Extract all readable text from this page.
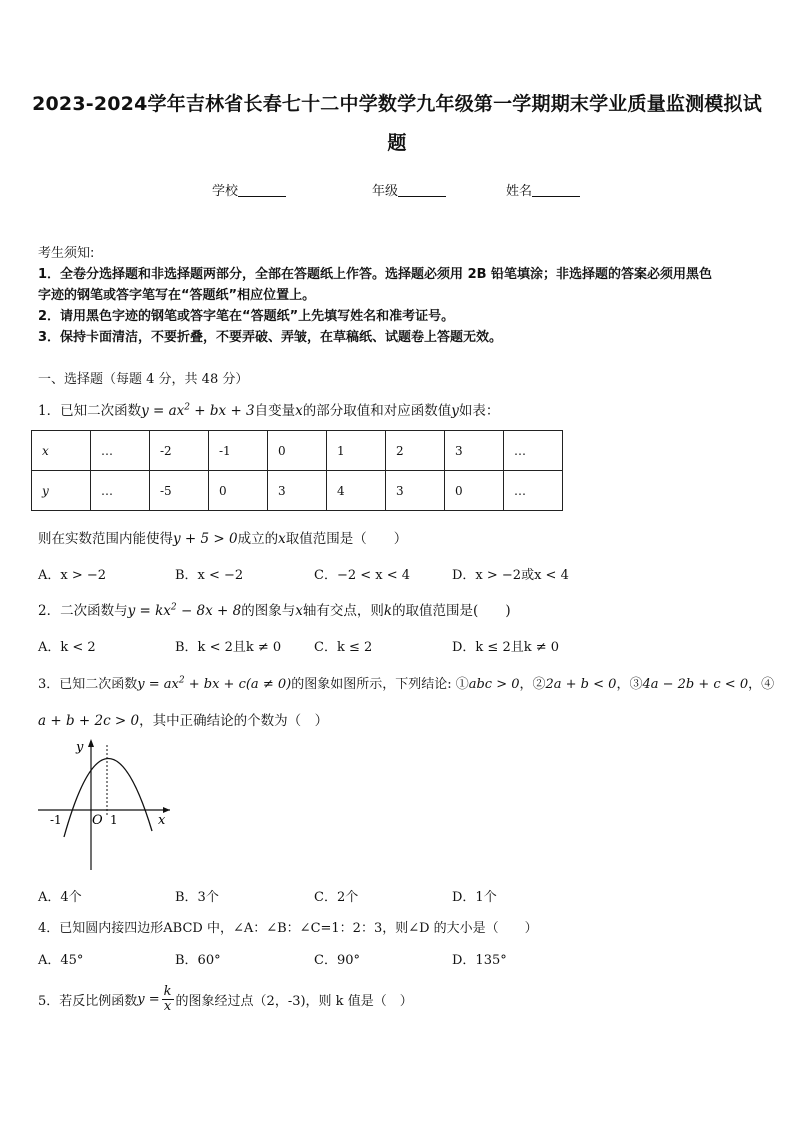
2023-2024学年吉林省长春七十二中学数学九年级第一学期期末学业质量监测模拟试
题
学校	年级	姓名
考生须知:
1．全卷分选择题和非选择题两部分，全部在答题纸上作答。选择题必须用 2B 铅笔填涂；非选择题的答案必须用黑色
字迹的钢笔或答字笔写在“答题纸”相应位置上。
2．请用黑色字迹的钢笔或答字笔在“答题纸”上先填写姓名和准考证号。
3．保持卡面清洁，不要折叠，不要弄破、弄皱，在草稿纸、试题卷上答题无效。
一、选择题（每题 4 分，共 48 分）
1．已知二次函数$y = ax^2$ + bx + 3自变量x的部分取值和对应函数值y如表：
x	…	-2	-1	0	1	2	3	…
y	…	-5	0	3	4	3	0	…
则在实数范围内能使得y + 5 > 0成立的x取值范围是（　　）
A．x > −2	B．x < −2	C．−2 < x < 4	D．x > −2或x < 4
2．二次函数与$y = kx^2 - 8x + 8$的图象与x轴有交点，则k的取值范围是(　　)
A．k < 2	B．k < 2且k ≠ 0	C．k ≤ 2	D．k ≤ 2且k ≠ 0
3．已知二次函数$y = ax^2$ + bx + c(a ≠ 0)的图象如图所示，下列结论: ①abc > 0，②2a + b < 0，③4a − 2b + c < 0，④
a + b + 2c > 0，其中正确结论的个数为（　）
y
x
O
-1	1
A．4个	B．3个	C．2个	D．1个
4．已知圆内接四边形ABCD 中，∠A：∠B：∠C=1：2：3，则∠D 的大小是（　　）
A．45°	B．60°	C．90°	D．135°
5．若反比例函数$y = \frac{k}{x}$ 的图象经过点（2，-3)，则 k 值是（　）
